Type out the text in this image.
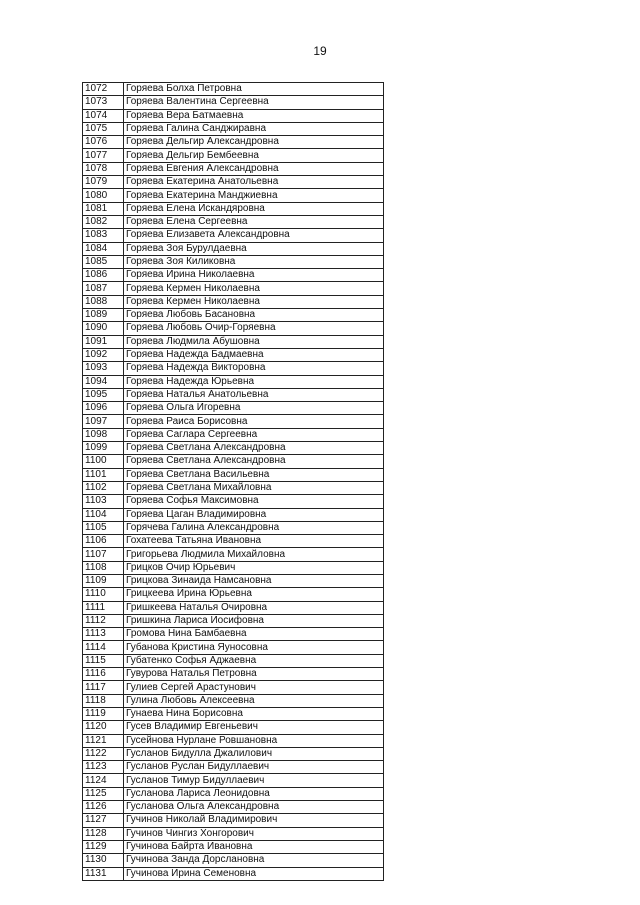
19
1072	Горяева Болха Петровна
1073	Горяева Валентина Сергеевна
1074	Горяева Вера Батмаевна
1075	Горяева Галина Санджиравна
1076	Горяева Дельгир Александровна
1077	Горяева Дельгир Бембеевна
1078	Горяева Евгения Александровна
1079	Горяева Екатерина Анатольевна
1080	Горяева Екатерина Манджиевна
1081	Горяева Елена Искандяровна
1082	Горяева Елена Сергеевна
1083	Горяева Елизавета Александровна
1084	Горяева Зоя Бурулдаевна
1085	Горяева Зоя Киликовна
1086	Горяева Ирина Николаевна
1087	Горяева Кермен Николаевна
1088	Горяева Кермен Николаевна
1089	Горяева Любовь Басановна
1090	Горяева Любовь Очир-Горяевна
1091	Горяева Людмила Абушовна
1092	Горяева Надежда Бадмаевна
1093	Горяева Надежда Викторовна
1094	Горяева Надежда Юрьевна
1095	Горяева Наталья Анатольевна
1096	Горяева Ольга Игоревна
1097	Горяева Раиса Борисовна
1098	Горяева Саглара Сергеевна
1099	Горяева Светлана Александровна
1100	Горяева Светлана Александровна
1101	Горяева Светлана Васильевна
1102	Горяева Светлана Михайловна
1103	Горяева Софья Максимовна
1104	Горяева Цаган Владимировна
1105	Горячева Галина Александровна
1106	Гохатеева Татьяна Ивановна
1107	Григорьева Людмила Михайловна
1108	Грицков Очир Юрьевич
1109	Грицкова Зинаида Намсановна
1110	Грицкеева Ирина Юрьевна
1111	Гришкеева Наталья Очировна
1112	Гришкина Лариса Иосифовна
1113	Громова Нина Бамбаевна
1114	Губанова Кристина Яуносовна
1115	Губатенко Софья Аджаевна
1116	Гувурова Наталья Петровна
1117	Гулиев Сергей Арастунович
1118	Гулина Любовь Алексеевна
1119	Гунаева Нина Борисовна
1120	Гусев Владимир Евгеньевич
1121	Гусейнова Нурлане Ровшановна
1122	Гусланов Бидулла Джалилович
1123	Гусланов Руслан Бидуллаевич
1124	Гусланов Тимур Бидуллаевич
1125	Гусланова Лариса Леонидовна
1126	Гусланова Ольга Александровна
1127	Гучинов Николай Владимирович
1128	Гучинов Чингиз Хонгорович
1129	Гучинова Байрта Ивановна
1130	Гучинова Занда Дорслановна
1131	Гучинова Ирина Семеновна
